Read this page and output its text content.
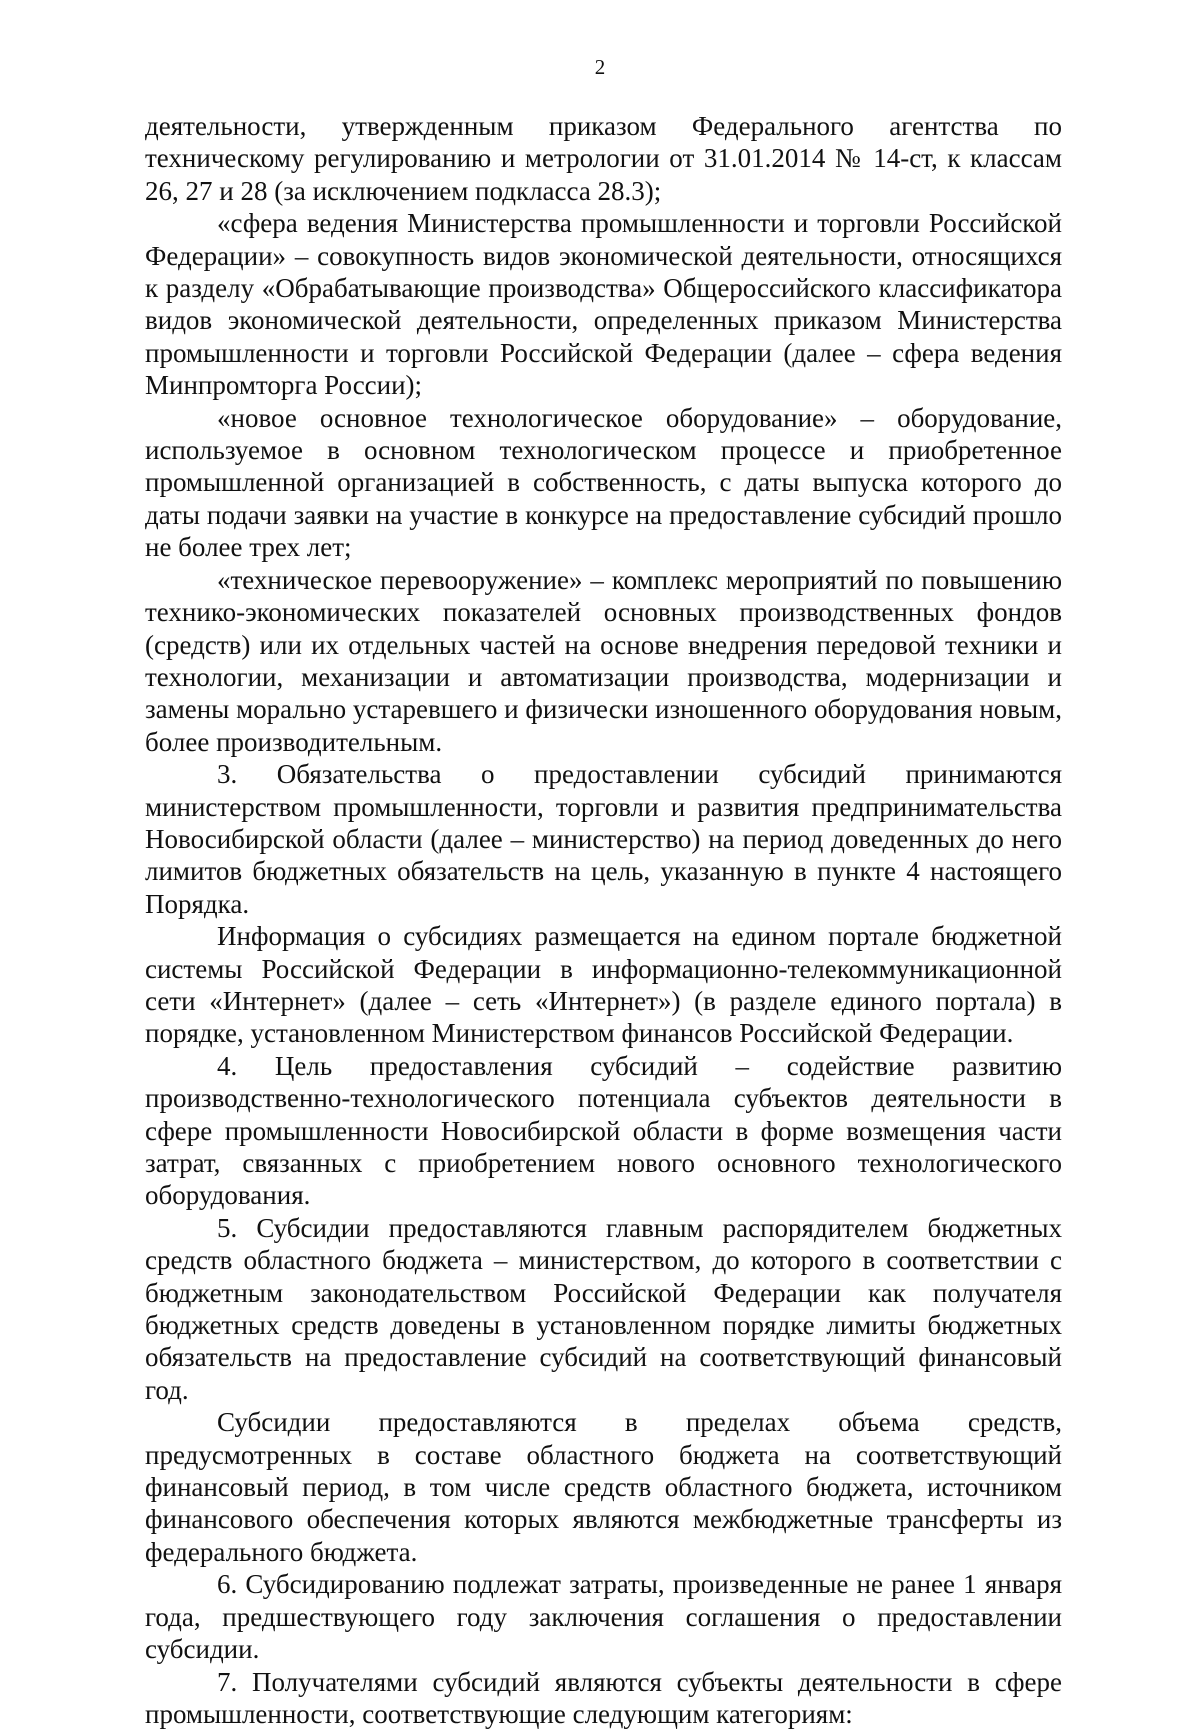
2

деятельности, утвержденным приказом Федерального агентства по техническому регулированию и метрологии от 31.01.2014 № 14-ст, к классам 26, 27 и 28 (за исключением подкласса 28.3);

«сфера ведения Министерства промышленности и торговли Российской Федерации» – совокупность видов экономической деятельности, относящихся к разделу «Обрабатывающие производства» Общероссийского классификатора видов экономической деятельности, определенных приказом Министерства промышленности и торговли Российской Федерации (далее – сфера ведения Минпромторга России);

«новое основное технологическое оборудование» – оборудование, используемое в основном технологическом процессе и приобретенное промышленной организацией в собственность, с даты выпуска которого до даты подачи заявки на участие в конкурсе на предоставление субсидий прошло не более трех лет;

«техническое перевооружение» – комплекс мероприятий по повышению технико-экономических показателей основных производственных фондов (средств) или их отдельных частей на основе внедрения передовой техники и технологии, механизации и автоматизации производства, модернизации и замены морально устаревшего и физически изношенного оборудования новым, более производительным.

3. Обязательства о предоставлении субсидий принимаются министерством промышленности, торговли и развития предпринимательства Новосибирской области (далее – министерство) на период доведенных до него лимитов бюджетных обязательств на цель, указанную в пункте 4 настоящего Порядка.

Информация о субсидиях размещается на едином портале бюджетной системы Российской Федерации в информационно-телекоммуникационной сети «Интернет» (далее – сеть «Интернет») (в разделе единого портала) в порядке, установленном Министерством финансов Российской Федерации.

4. Цель предоставления субсидий – содействие развитию производственно-технологического потенциала субъектов деятельности в сфере промышленности Новосибирской области в форме возмещения части затрат, связанных с приобретением нового основного технологического оборудования.

5. Субсидии предоставляются главным распорядителем бюджетных средств областного бюджета – министерством, до которого в соответствии с бюджетным законодательством Российской Федерации как получателя бюджетных средств доведены в установленном порядке лимиты бюджетных обязательств на предоставление субсидий на соответствующий финансовый год.

Субсидии предоставляются в пределах объема средств, предусмотренных в составе областного бюджета на соответствующий финансовый период, в том числе средств областного бюджета, источником финансового обеспечения которых являются межбюджетные трансферты из федерального бюджета.

6. Субсидированию подлежат затраты, произведенные не ранее 1 января года, предшествующего году заключения соглашения о предоставлении субсидии.

7. Получателями субсидий являются субъекты деятельности в сфере промышленности, соответствующие следующим категориям:
